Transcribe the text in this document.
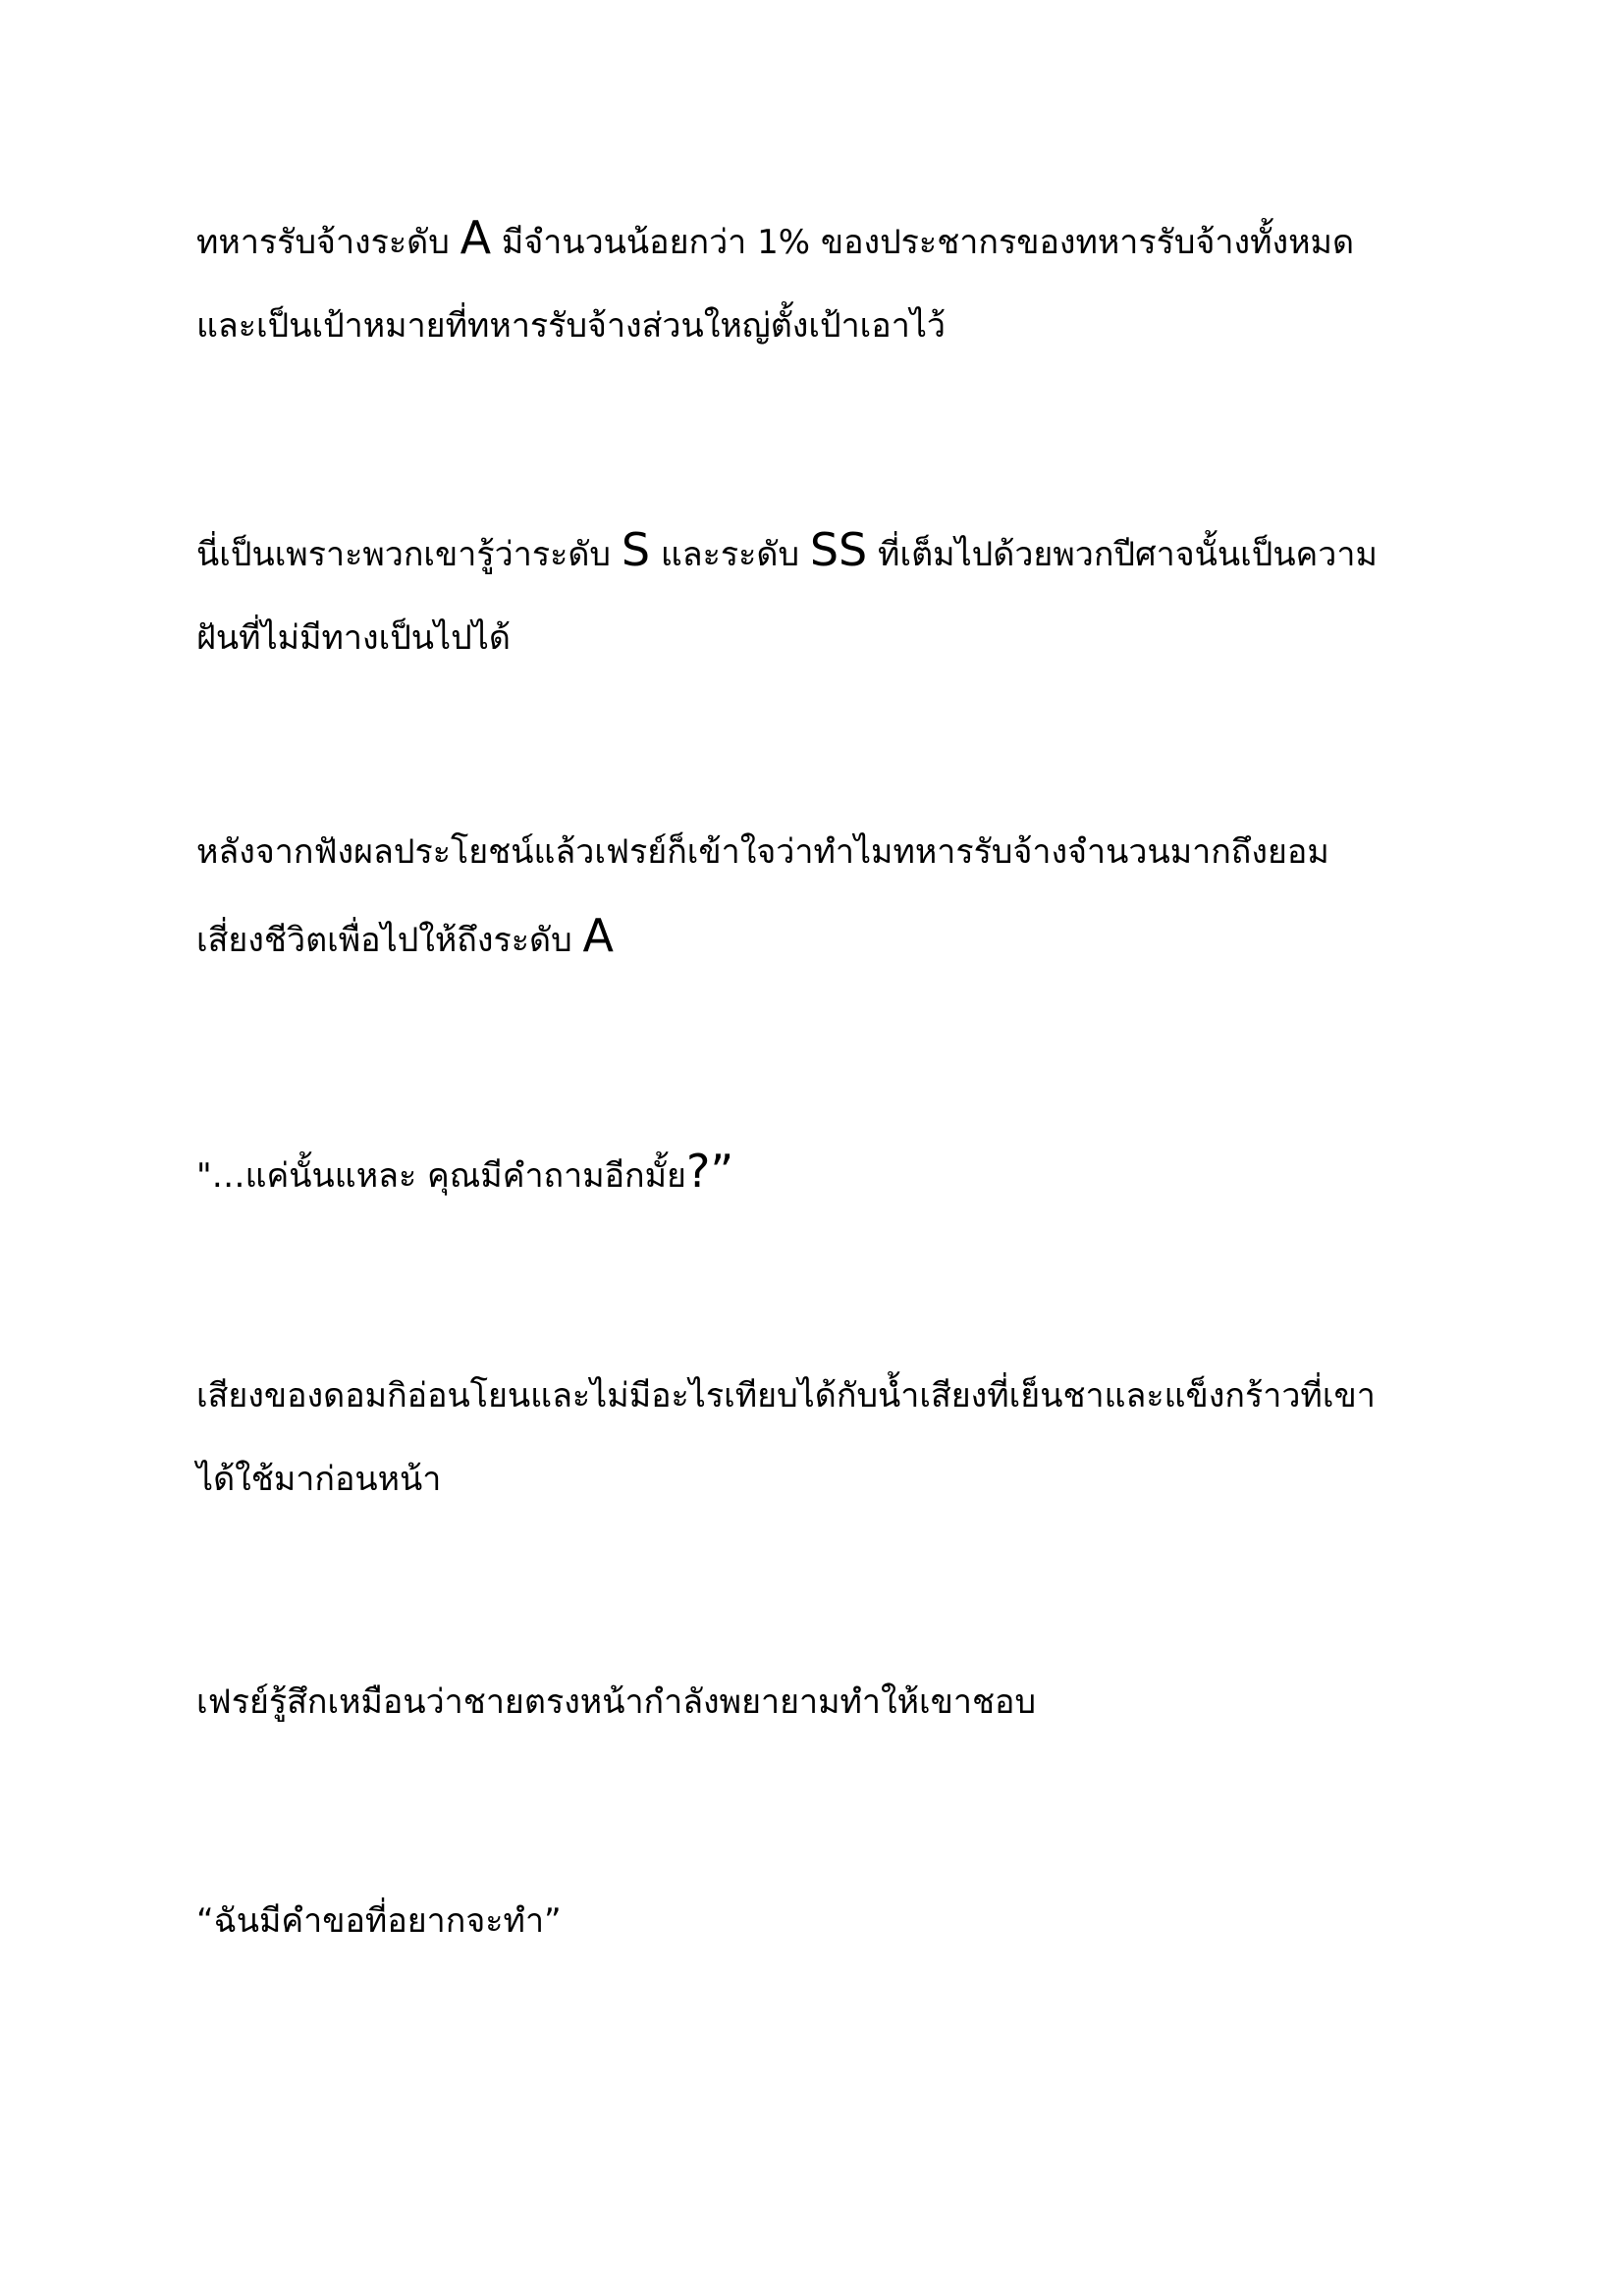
ทหารรับจ้างระดับ A มีจำนวนน้อยกว่า 1% ของประชากรของทหารรับจ้างทั้งหมด
และเป็นเป้าหมายที่ทหารรับจ้างส่วนใหญ่ตั้งเป้าเอาไว้

นี่เป็นเพราะพวกเขารู้ว่าระดับ S และระดับ SS ที่เต็มไปด้วยพวกปีศาจนั้นเป็นความ
ฝันที่ไม่มีทางเป็นไปได้

หลังจากฟังผลประโยชน์แล้วเฟรย์ก็เข้าใจว่าทำไมทหารรับจ้างจำนวนมากถึงยอม
เสี่ยงชีวิตเพื่อไปให้ถึงระดับ A

"…แค่นั้นแหละ คุณมีคำถามอีกมั้ย?”

เสียงของดอมกิอ่อนโยนและไม่มีอะไรเทียบได้กับน้ำเสียงที่เย็นชาและแข็งกร้าวที่เขา
ได้ใช้มาก่อนหน้า

เฟรย์รู้สึกเหมือนว่าชายตรงหน้ากำลังพยายามทำให้เขาชอบ

“ฉันมีคำขอที่อยากจะทำ”
